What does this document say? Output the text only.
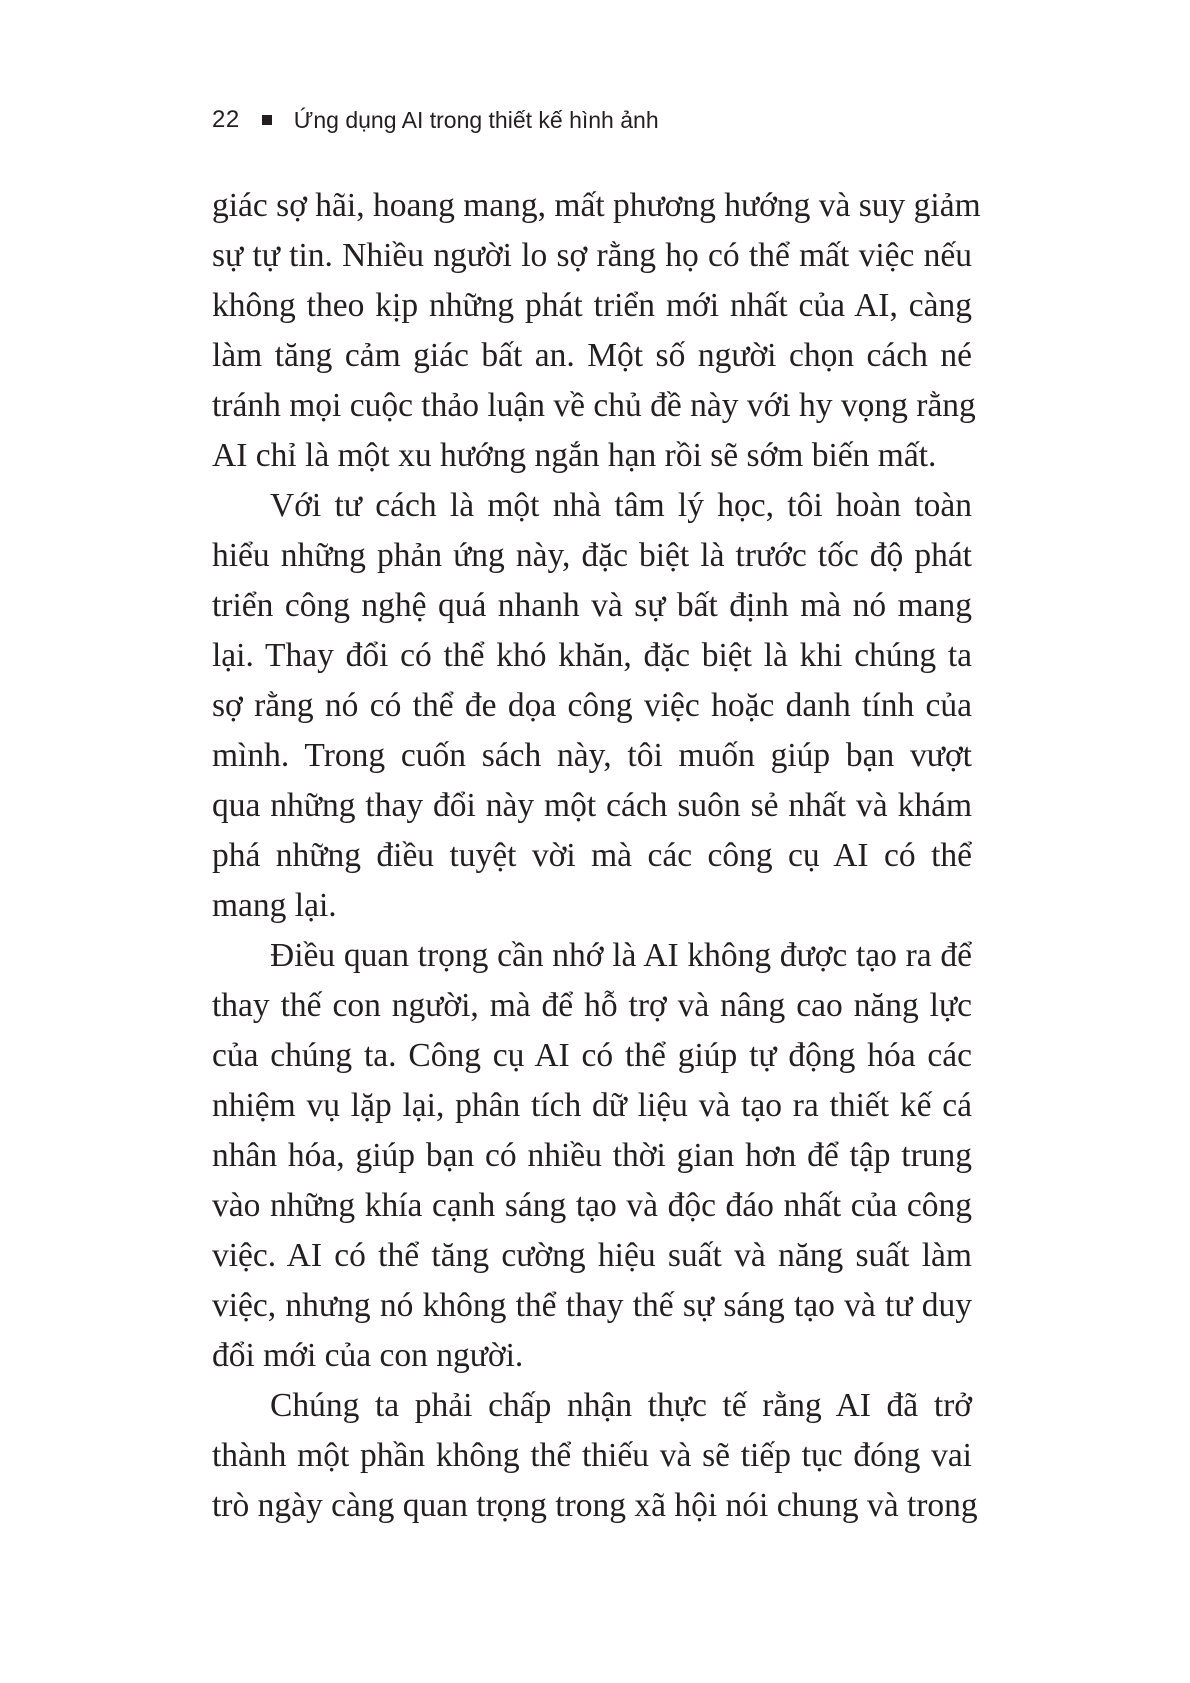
22 Ứng dụng AI trong thiết kế hình ảnh
giác sợ hãi, hoang mang, mất phương hướng và suy giảm
sự tự tin. Nhiều người lo sợ rằng họ có thể mất việc nếu
không theo kịp những phát triển mới nhất của AI, càng
làm tăng cảm giác bất an. Một số người chọn cách né
tránh mọi cuộc thảo luận về chủ đề này với hy vọng rằng
AI chỉ là một xu hướng ngắn hạn rồi sẽ sớm biến mất.
Với tư cách là một nhà tâm lý học, tôi hoàn toàn
hiểu những phản ứng này, đặc biệt là trước tốc độ phát
triển công nghệ quá nhanh và sự bất định mà nó mang
lại. Thay đổi có thể khó khăn, đặc biệt là khi chúng ta
sợ rằng nó có thể đe dọa công việc hoặc danh tính của
mình. Trong cuốn sách này, tôi muốn giúp bạn vượt
qua những thay đổi này một cách suôn sẻ nhất và khám
phá những điều tuyệt vời mà các công cụ AI có thể
mang lại.
Điều quan trọng cần nhớ là AI không được tạo ra để
thay thế con người, mà để hỗ trợ và nâng cao năng lực
của chúng ta. Công cụ AI có thể giúp tự động hóa các
nhiệm vụ lặp lại, phân tích dữ liệu và tạo ra thiết kế cá
nhân hóa, giúp bạn có nhiều thời gian hơn để tập trung
vào những khía cạnh sáng tạo và độc đáo nhất của công
việc. AI có thể tăng cường hiệu suất và năng suất làm
việc, nhưng nó không thể thay thế sự sáng tạo và tư duy
đổi mới của con người.
Chúng ta phải chấp nhận thực tế rằng AI đã trở
thành một phần không thể thiếu và sẽ tiếp tục đóng vai
trò ngày càng quan trọng trong xã hội nói chung và trong
